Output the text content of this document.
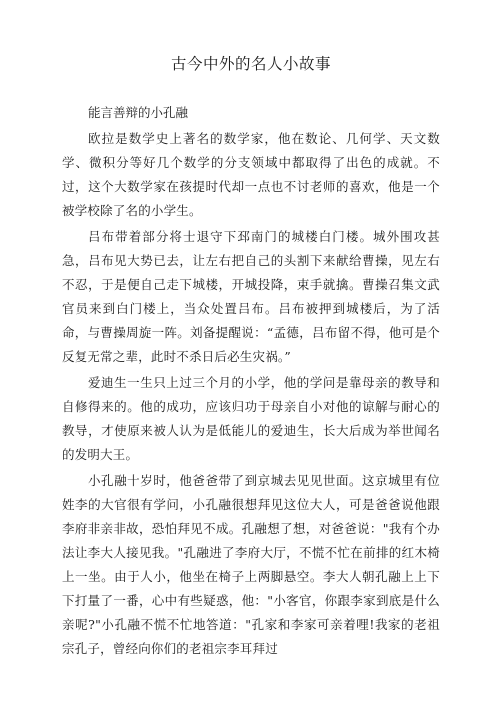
古今中外的名人小故事
能言善辩的小孔融

欧拉是数学史上著名的数学家，他在数论、几何学、天文数学、微积分等好几个数学的分支领域中都取得了出色的成就。不过，这个大数学家在孩提时代却一点也不讨老师的喜欢，他是一个被学校除了名的小学生。

吕布带着部分将士退守下邳南门的城楼白门楼。城外围攻甚急，吕布见大势已去，让左右把自己的头割下来献给曹操，见左右不忍，于是便自己走下城楼，开城投降，束手就擒。曹操召集文武官员来到白门楼上，当众处置吕布。吕布被押到城楼后，为了活命，与曹操周旋一阵。刘备提醒说：“孟德，吕布留不得，他可是个反复无常之辈，此时不杀日后必生灾祸。”

爱迪生一生只上过三个月的小学，他的学问是靠母亲的教导和自修得来的。他的成功，应该归功于母亲自小对他的谅解与耐心的教导，才使原来被人认为是低能儿的爱迪生，长大后成为举世闻名的发明大王。

小孔融十岁时，他爸爸带了到京城去见见世面。这京城里有位姓李的大官很有学问，小孔融很想拜见这位大人，可是爸爸说他跟李府非亲非故，恐怕拜见不成。孔融想了想，对爸爸说："我有个办法让李大人接见我。"孔融进了李府大厅，不慌不忙在前排的红木椅上一坐。由于人小，他坐在椅子上两脚悬空。李大人朝孔融上上下下打量了一番，心中有些疑惑，他："小客官，你跟李家到底是什么亲呢?"小孔融不慌不忙地答道："孔家和李家可亲着哩!我家的老祖宗孔子，曾经向你们的老祖宗李耳拜过
